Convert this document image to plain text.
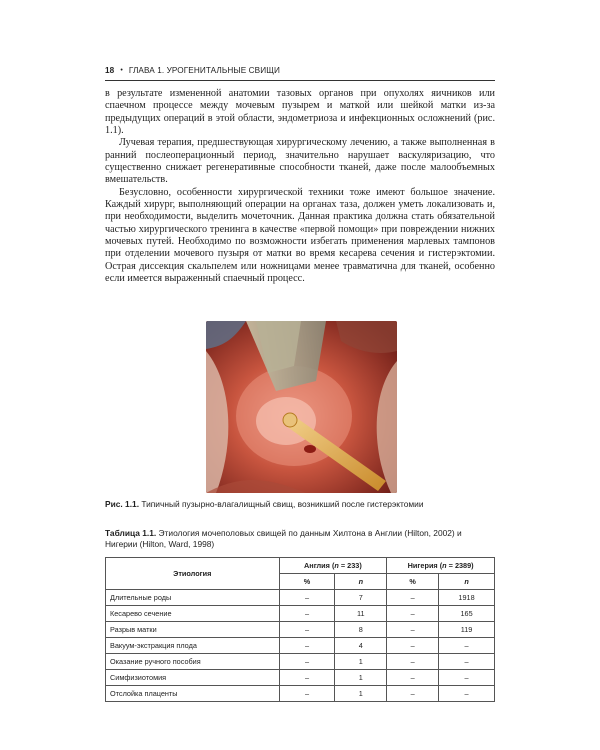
18 • ГЛАВА 1. УРОГЕНИТАЛЬНЫЕ СВИЩИ

в результате измененной анатомии тазовых органов при опухолях яичников или спаечном процессе между мочевым пузырем и маткой или шейкой матки из-за предыдущих операций в этой области, эндометриоза и инфекционных осложнений (рис. 1.1).

Лучевая терапия, предшествующая хирургическому лечению, а также выполненная в ранний послеоперационный период, значительно нарушает васкуляризацию, что существенно снижает регенеративные способности тканей, даже после малообъемных вмешательств.

Безусловно, особенности хирургической техники тоже имеют большое значение. Каждый хирург, выполняющий операции на органах таза, должен уметь локализовать и, при необходимости, выделить мочеточник. Данная практика должна стать обязательной частью хирургического тренинга в качестве «первой помощи» при повреждении нижних мочевых путей. Необходимо по возможности избегать применения марлевых тампонов при отделении мочевого пузыря от матки во время кесарева сечения и гистерэктомии. Острая диссекция скальпелем или ножницами менее травматична для тканей, особенно если имеется выраженный спаечный процесс.

Рис. 1.1. Типичный пузырно-влагалищный свищ, возникший после гистерэктомии
Таблица 1.1. Этиология мочеполовых свищей по данным Хилтона в Англии (Hilton, 2002) и Нигерии (Hilton, Ward, 1998)
Этиология	Англия (n = 233)		Нигерия (n = 2389)	
	%	n	%	n
Длительные роды	–	7	–	1918
Кесарево сечение	–	11	–	165
Разрыв матки	–	8	–	119
Вакуум-экстракция плода	–	4	–	–
Оказание ручного пособия	–	1	–	–
Симфизиотомия	–	1	–	–
Отслойка плаценты	–	1	–	–
